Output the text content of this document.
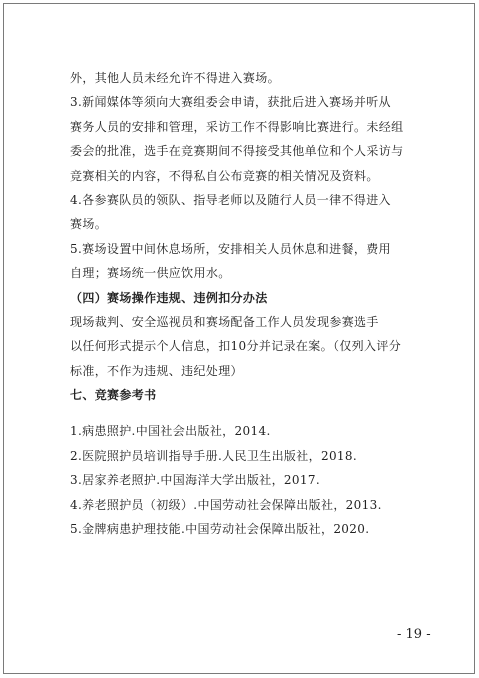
外，其他人员未经允许不得进入赛场。
3.新闻媒体等须向大赛组委会申请，获批后进入赛场并听从
赛务人员的安排和管理，采访工作不得影响比赛进行。未经组
委会的批准，选手在竞赛期间不得接受其他单位和个人采访与
竞赛相关的内容，不得私自公布竞赛的相关情况及资料。
4.各参赛队员的领队、指导老师以及随行人员一律不得进入
赛场。
5.赛场设置中间休息场所，安排相关人员休息和进餐，费用
自理；赛场统一供应饮用水。
（四）赛场操作违规、违例扣分办法
现场裁判、安全巡视员和赛场配备工作人员发现参赛选手
以任何形式提示个人信息，扣10分并记录在案。（仅列入评分
标准，不作为违规、违纪处理）
七、竞赛参考书
1.病患照护.中国社会出版社，2014.
2.医院照护员培训指导手册.人民卫生出版社，2018.
3.居家养老照护.中国海洋大学出版社，2017.
4.养老照护员（初级）.中国劳动社会保障出版社，2013.
5.金牌病患护理技能.中国劳动社会保障出版社，2020.
- 19 -
